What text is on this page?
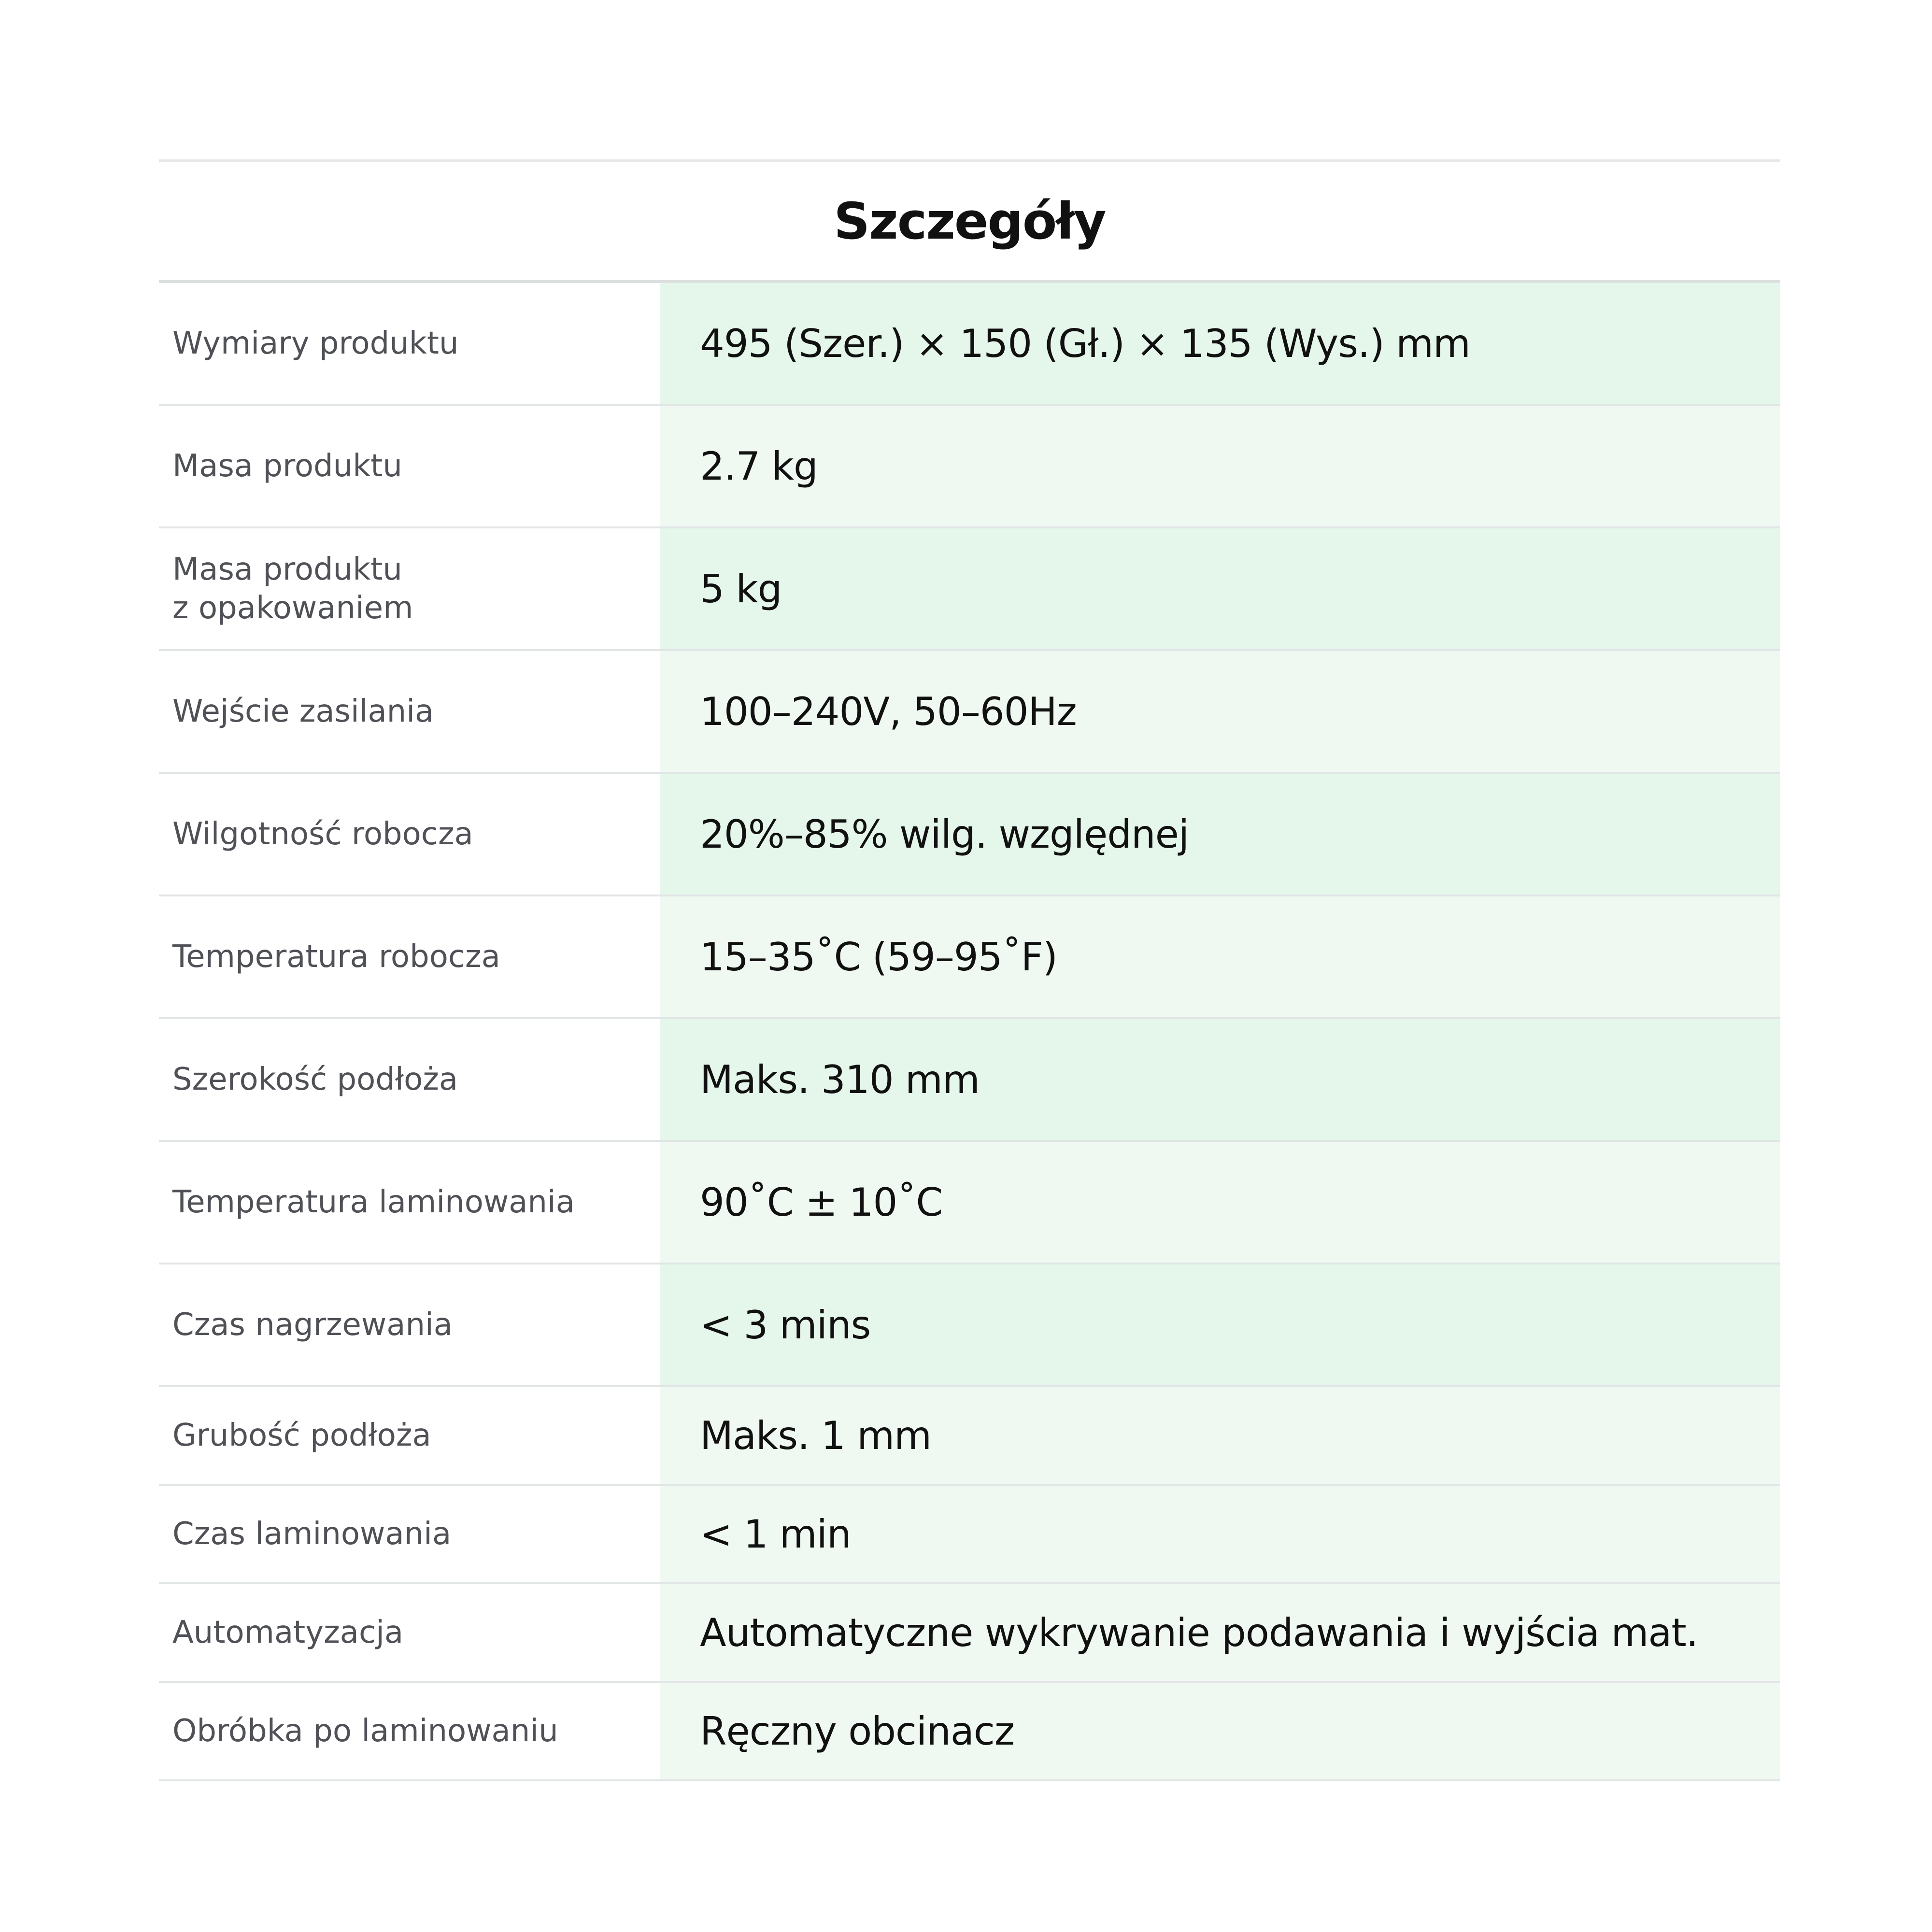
Szczegóły
Wymiary produktu	495 (Szer.) × 150 (Gł.) × 135 (Wys.) mm
Masa produktu	2.7 kg
Masa produktu
z opakowaniem	5 kg
Wejście zasilania	100–240V, 50–60Hz
Wilgotność robocza	20%–85% wilg. względnej
Temperatura robocza	15–35˚C (59–95˚F)
Szerokość podłoża	Maks. 310 mm
Temperatura laminowania	90˚C ± 10˚C
Czas nagrzewania	< 3 mins
Grubość podłoża	Maks. 1 mm
Czas laminowania	< 1 min
Automatyzacja	Automatyczne wykrywanie podawania i wyjścia mat.
Obróbka po laminowaniu	Ręczny obcinacz
